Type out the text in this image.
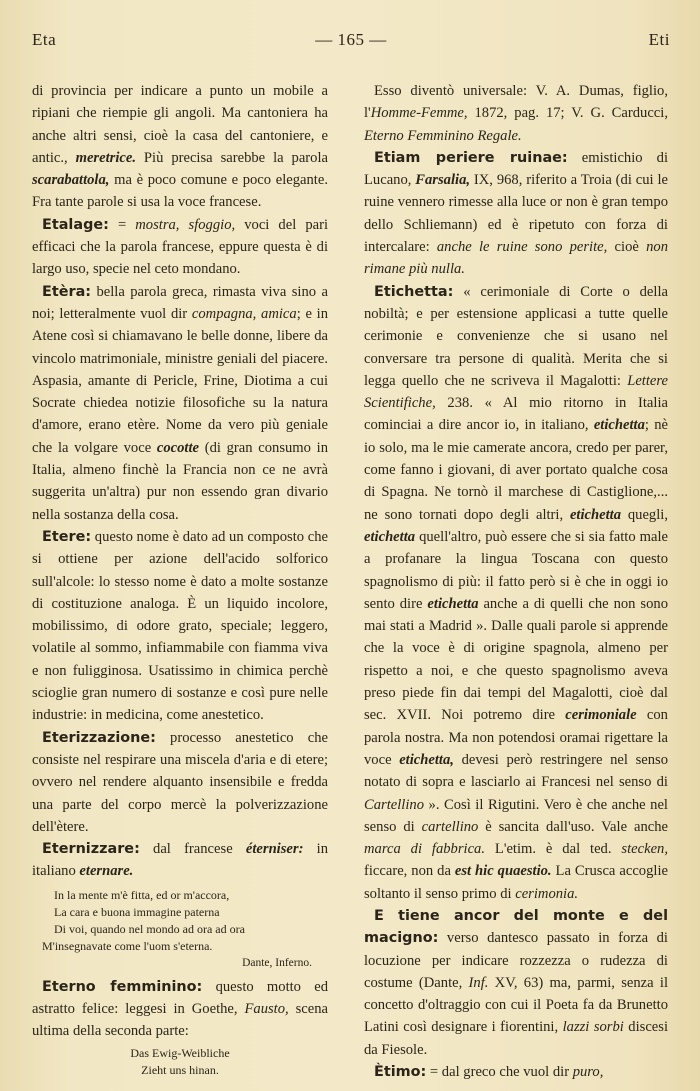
Eta	— 165 —	Eti

di provincia per indicare a punto un mobile a ripiani che riempie gli angoli. Ma cantoniera ha anche altri sensi, cioè la casa del cantoniere, e antic., meretrice. Più precisa sarebbe la parola scarabattola, ma è poco comune e poco elegante. Fra tante parole si usa la voce francese.

Etalage: = mostra, sfoggio, voci del pari efficaci che la parola francese, eppure questa è di largo uso, specie nel ceto mondano.

Etèra: bella parola greca, rimasta viva sino a noi; letteralmente vuol dir compagna, amica; e in Atene così si chiamavano le belle donne, libere da vincolo matrimoniale, ministre geniali del piacere. Aspasia, amante di Pericle, Frine, Diotima a cui Socrate chiedea notizie filosofiche su la natura d'amore, erano etère. Nome da vero più geniale che la volgare voce cocotte (di gran consumo in Italia, almeno finchè la Francia non ce ne avrà suggerita un'altra) pur non essendo gran divario nella sostanza della cosa.

Etere: questo nome è dato ad un composto che si ottiene per azione dell'acido solforico sull'alcole: lo stesso nome è dato a molte sostanze di costituzione analoga. È un liquido incolore, mobilissimo, di odore grato, speciale; leggero, volatile al sommo, infiammabile con fiamma viva e non fuligginosa. Usatissimo in chimica perchè scioglie gran numero di sostanze e così pure nelle industrie: in medicina, come anestetico.

Eterizzazione: processo anestetico che consiste nel respirare una miscela d'aria e di etere; ovvero nel rendere alquanto insensibile e fredda una parte del corpo mercè la polverizzazione dell'ètere.

Eternizzare: dal francese éterniser: in italiano eternare.

In la mente m'è fitta, ed or m'accora,
La cara e buona immagine paterna
Di voi, quando nel mondo ad ora ad ora
M'insegnavate come l'uom s'eterna.
Dante, Inferno.

Eterno femminino: questo motto ed astratto felice: leggesi in Goethe, Fausto, scena ultima della seconda parte:

Das Ewig-Weibliche
Zieht uns hinan.

Esso diventò universale: V. A. Dumas, figlio, l'Homme-Femme, 1872, pag. 17; V. G. Carducci, Eterno Femminino Regale.

Etiam periere ruinae: emistichio di Lucano, Farsalia, IX, 968, riferito a Troia (di cui le ruine vennero rimesse alla luce or non è gran tempo dello Schliemann) ed è ripetuto con forza di intercalare: anche le ruine sono perite, cioè non rimane più nulla.

Etichetta: « cerimoniale di Corte o della nobiltà; e per estensione applicasi a tutte quelle cerimonie e convenienze che si usano nel conversare tra persone di qualità. Merita che si legga quello che ne scriveva il Magalotti: Lettere Scientifiche, 238. « Al mio ritorno in Italia cominciai a dire ancor io, in italiano, etichetta; nè io solo, ma le mie camerate ancora, credo per parer, come fanno i giovani, di aver portato qualche cosa di Spagna. Ne tornò il marchese di Castiglione,... ne sono tornati dopo degli altri, etichetta quegli, etichetta quell'altro, può essere che si sia fatto male a profanare la lingua Toscana con questo spagnolismo di più: il fatto però si è che in oggi io sento dire etichetta anche a di quelli che non sono mai stati a Madrid ». Dalle quali parole si apprende che la voce è di origine spagnola, almeno per rispetto a noi, e che questo spagnolismo aveva preso piede fin dai tempi del Magalotti, cioè dal sec. XVII. Noi potremo dire cerimoniale con parola nostra. Ma non potendosi oramai rigettare la voce etichetta, devesi però restringere nel senso notato di sopra e lasciarlo ai Francesi nel senso di Cartellino ». Così il Rigutini. Vero è che anche nel senso di cartellino è sancita dall'uso. Vale anche marca di fabbrica. L'etim. è dal ted. stecken, ficcare, non da est hic quaestio. La Crusca accoglie soltanto il senso primo di cerimonia.

E tiene ancor del monte e del macigno: verso dantesco passato in forza di locuzione per indicare rozzezza o rudezza di costume (Dante, Inf. XV, 63) ma, parmi, senza il concetto d'oltraggio con cui il Poeta fa da Brunetto Latini così designare i fiorentini, lazzi sorbi discesi da Fiesole.

Ètimo: = dal greco che vuol dir puro,
